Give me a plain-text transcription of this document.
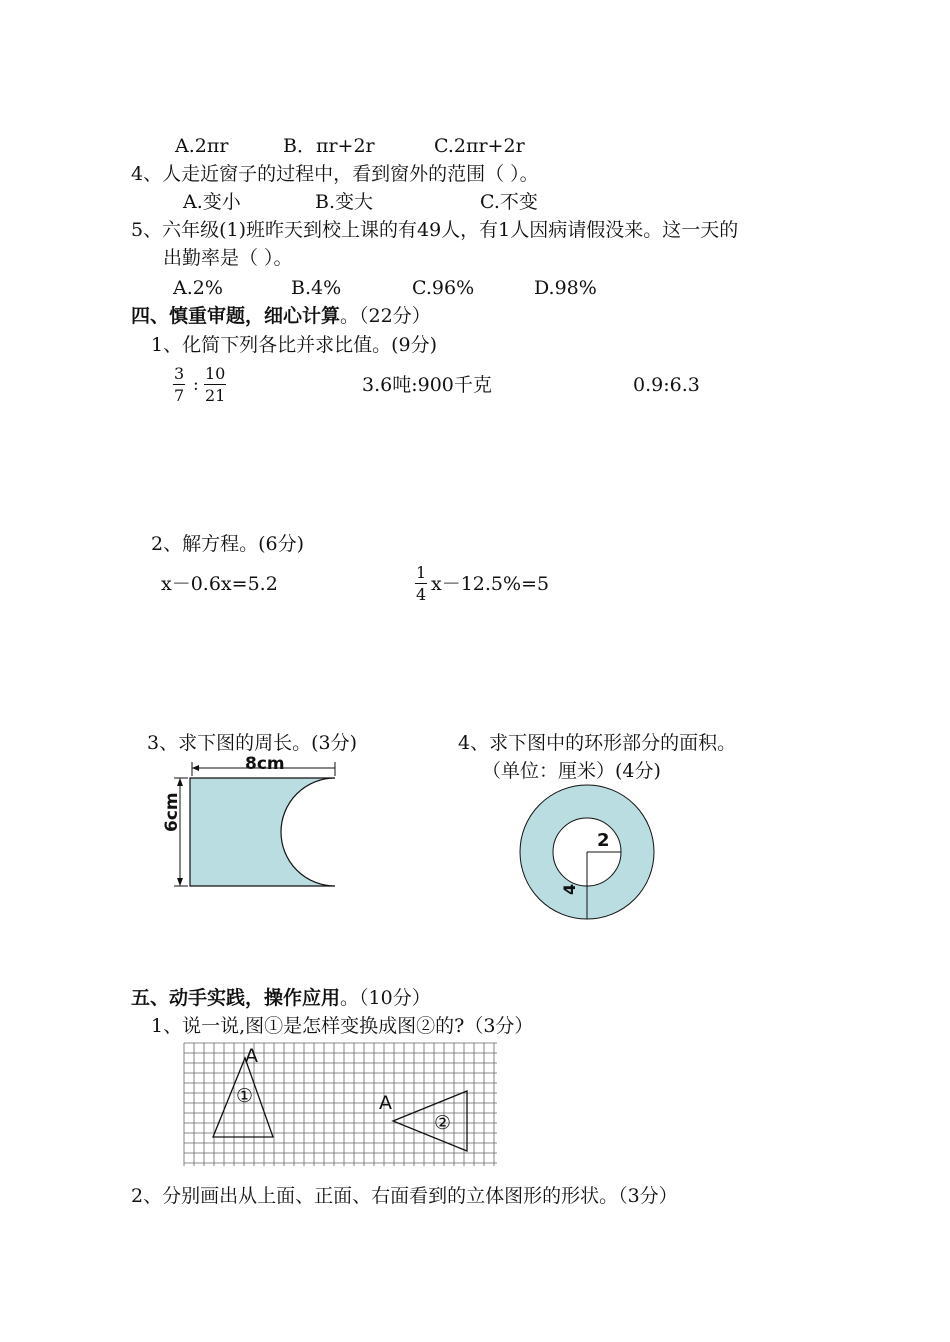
A.2πr	B．πr+2r	C.2πr+2r
4、人走近窗子的过程中，看到窗外的范围（ ）。
A.变小	B.变大	C.不变
5、六年级(1)班昨天到校上课的有49人，有1人因病请假没来。这一天的
出勤率是（ ）。
A.2%	B.4%	C.96%	D.98%
四、慎重审题，细心计算。（22分）
1、化简下列各比并求比值。(9分)
$\frac{3}{7}$ : $\frac{10}{21}$	3.6吨:900千克	0.9:6.3
2、解方程。(6分)
x－0.6x=5.2	$\frac{1}{4} x-12.5\%=5$
3、求下图的周长。(3分)	4、求下图中的环形部分的面积。
（单位：厘米）(4分)
8cm
6cm
2
4
五、动手实践，操作应用。（10分）
1、说一说,图①是怎样变换成图②的?（3分）
A
A
①
②
2、分别画出从上面、正面、右面看到的立体图形的形状。（3分）
